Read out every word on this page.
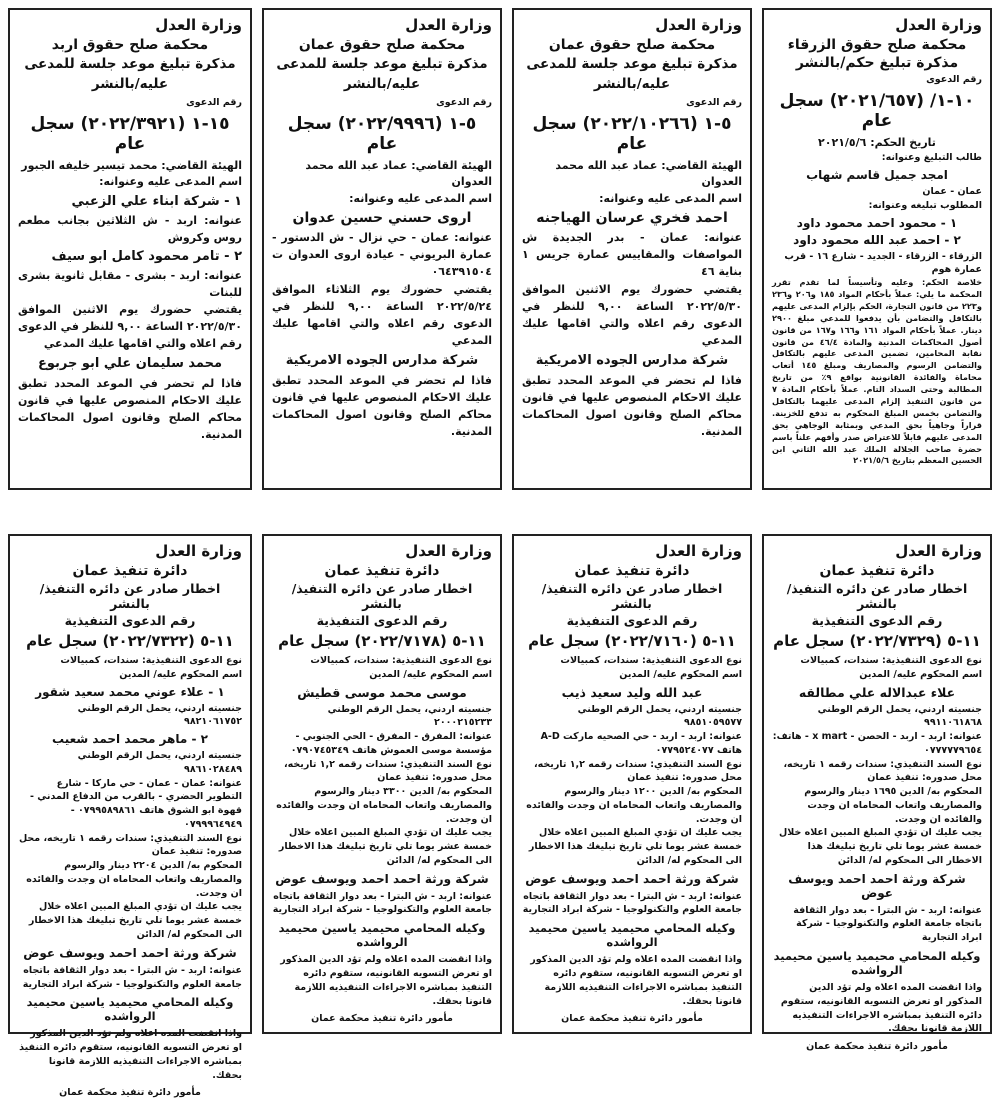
وزارة العدل
محكمة صلح حقوق الزرقاء
مذكرة تبليغ حكم/بالنشر
رقم الدعوى
١٠-١/ (٢٠٢١/٦٥٧) سجل عام
تاريخ الحكم: ٢٠٢١/٥/٦
طالب التبليغ وعنوانه:
امجد جميل قاسم شهاب
عمان - عمان
المطلوب تبليغه وعنوانه:
١ - محمود احمد محمود داود
٢ - احمد عبد الله محمود داود
الزرقاء - الزرقاء - الجديد - شارع ١٦ - قرب عمارة هوم
خلاصة الحكم: وعليه وتأسيساً لما تقدم تقرر المحكمة ما يلي: عملاً بأحكام المواد ١٨٥ و٢٠٦ و٢٣٦ و٢٢٣ من قانون التجارة، الحكم بإلزام المدعى عليهم بالتكافل والتضامن بأن يدفعوا للمدعي مبلغ ٢٩٠٠ دينار. عملاً بأحكام المواد ١٦١ و١٦٦ و١٦٧ من قانون أصول المحاكمات المدنية والمادة ٤٦/٤ من قانون نقابة المحامين، تضمين المدعى عليهم بالتكافل والتضامن الرسوم والمصاريف ومبلغ ١٤٥ أتعاب محاماة والفائدة القانونية بواقع ٩٪ من تاريخ المطالبة وحتى السداد التام. عملاً بأحكام المادة ٧ من قانون التنفيذ إلزام المدعى عليهما بالتكافل والتضامن بخمس المبلغ المحكوم به تدفع للخزينة. قراراً وجاهياً بحق المدعي وبمثابة الوجاهي بحق المدعى عليهم قابلاً للاعتراض صدر وأفهم علناً باسم حضرة صاحب الجلالة الملك عبد الله الثاني ابن الحسين المعظم بتاريخ ٢٠٢١/٥/٦
وزارة العدل
محكمة صلح حقوق عمان
مذكرة تبليغ موعد جلسة للمدعى عليه/بالنشر
رقم الدعوى
٥-١ (٢٠٢٢/١٠٢٦٦) سجل عام
الهيئة القاضي: عماد عبد الله محمد العدوان
اسم المدعى عليه وعنوانه:
احمد فخري عرسان الهياجنه
عنوانه: عمان - بدر الجديدة ش المواصفات والمقاييس عمارة جريس ١ بناية ٤٦
يقتضي حضورك يوم الاثنين الموافق ٢٠٢٢/٥/٣٠ الساعة ٩,٠٠ للنظر في الدعوى رقم اعلاه والتي اقامها عليك المدعي
شركة مدارس الجوده الامريكية
فاذا لم تحضر في الموعد المحدد تطبق عليك الاحكام المنصوص عليها في قانون محاكم الصلح وقانون اصول المحاكمات المدنية.
وزارة العدل
محكمة صلح حقوق عمان
مذكرة تبليغ موعد جلسة للمدعى عليه/بالنشر
رقم الدعوى
٥-١ (٢٠٢٢/٩٩٩٦) سجل عام
الهيئة القاضي: عماد عبد الله محمد العدوان
اسم المدعى عليه وعنوانه:
اروى حسني حسين عدوان
عنوانه: عمان - حي نزال - ش الدستور - عمارة البريوني - عيادة اروى العدوان ت ٠٦٤٣٩١٥٠٤
يقتضي حضورك يوم الثلاثاء الموافق ٢٠٢٢/٥/٢٤ الساعة ٩,٠٠ للنظر في الدعوى رقم اعلاه والتي اقامها عليك المدعي
شركة مدارس الجوده الامريكية
فاذا لم تحضر في الموعد المحدد تطبق عليك الاحكام المنصوص عليها في قانون محاكم الصلح وقانون اصول المحاكمات المدنية.
وزارة العدل
محكمة صلح حقوق اربد
مذكرة تبليغ موعد جلسة للمدعى عليه/بالنشر
رقم الدعوى
١٥-١ (٢٠٢٢/٣٩٢١) سجل عام
الهيئة القاضي: محمد تيسير خليفه الجبور
اسم المدعى عليه وعنوانه:
١ - شركة ابناء علي الزعبي
عنوانه: اربد - ش الثلاثين بجانب مطعم روس وكروش
٢ - تامر محمود كامل ابو سيف
عنوانه: اربد - بشرى - مقابل ثانوية بشرى للبنات
يقتضي حضورك يوم الاثنين الموافق ٢٠٢٢/٥/٣٠ الساعة ٩,٠٠ للنظر في الدعوى رقم اعلاه والتي اقامها عليك المدعي
محمد سليمان علي ابو جربوع
فاذا لم تحضر في الموعد المحدد تطبق عليك الاحكام المنصوص عليها في قانون محاكم الصلح وقانون اصول المحاكمات المدنية.
وزارة العدل
دائرة تنفيذ عمان
اخطار صادر عن دائره التنفيذ/ بالنشر
رقم الدعوى التنفيذية
١١-٥ (٢٠٢٢/٧٣٢٩) سجل عام
نوع الدعوى التنفيذية: سندات، كمبيالات
اسم المحكوم عليه/ المدين
علاء عبدالاله علي مطالقه
جنسيته اردني، يحمل الرقم الوطني ٩٩١١٠٦١٨٦٨
عنوانه: اربد - اربد - الحصن - x mart - هاتف: ٠٧٧٧٧٧٩٦٥٤
نوع السند التنفيذي: سندات رقمه ١ تاريخه، محل صدوره: تنفيذ عمان
المحكوم به/ الدين ١٦٩٥ دينار والرسوم والمصاريف واتعاب المحاماه ان وجدت والفائده ان وجدت.
يجب عليك ان تؤدي المبلغ المبين اعلاه خلال خمسة عشر يوما تلي تاريخ تبليغك هذا الاخطار الى المحكوم له/ الدائن
شركة ورثة احمد احمد ويوسف عوض
عنوانه: اربد - ش البترا - بعد دوار الثقافة باتجاه جامعة العلوم والتكنولوجيا - شركة ابراد التجارية
وكيله المحامي محيميد ياسين محيميد الرواشده
واذا انقضت المده اعلاه ولم تؤد الدين المذكور او تعرض التسويه القانونيه، ستقوم دائره التنفيذ بمباشره الاجراءات التنفيذيه اللازمة قانونا بحقك.
مأمور دائرة تنفيذ محكمة عمان
وزارة العدل
دائرة تنفيذ عمان
اخطار صادر عن دائره التنفيذ/ بالنشر
رقم الدعوى التنفيذية
١١-٥ (٢٠٢٢/٧١٦٠) سجل عام
نوع الدعوى التنفيذية: سندات، كمبيالات
اسم المحكوم عليه/ المدين
عبد الله وليد سعيد ذيب
جنسيته اردني، يحمل الرقم الوطني ٩٨٥١٠٥٩٥٧٧
عنوانه: اربد - اربد - حي الصحيه ماركت A-D هاتف ٠٧٧٩٥٢٤٠٧٧
نوع السند التنفيذي: سندات رقمه ١,٢ تاريخه، محل صدوره: تنفيذ عمان
المحكوم به/ الدين ١٢٠٠ دينار والرسوم والمصاريف واتعاب المحاماه ان وجدت والفائده ان وجدت.
يجب عليك ان تؤدي المبلغ المبين اعلاه خلال خمسة عشر يوما تلي تاريخ تبليغك هذا الاخطار الى المحكوم له/ الدائن
شركة ورثة احمد احمد ويوسف عوض
عنوانه: اربد - ش البترا - بعد دوار الثقافة باتجاه جامعة العلوم والتكنولوجيا - شركة ابراد التجارية
وكيله المحامي محيميد ياسين محيميد الرواشده
واذا انقضت المده اعلاه ولم تؤد الدين المذكور او تعرض التسويه القانونيه، ستقوم دائره التنفيذ بمباشره الاجراءات التنفيذيه اللازمة قانونا بحقك.
مأمور دائرة تنفيذ محكمة عمان
وزارة العدل
دائرة تنفيذ عمان
اخطار صادر عن دائره التنفيذ/ بالنشر
رقم الدعوى التنفيذية
١١-٥ (٢٠٢٢/٧١٧٨) سجل عام
نوع الدعوى التنفيذية: سندات، كمبيالات
اسم المحكوم عليه/ المدين
موسى محمد موسى قطيش
جنسيته اردني، يحمل الرقم الوطني ٢٠٠٠٢١٥٢٣٣
عنوانه: المفرق - المفرق - الحي الجنوبي - مؤسسة موسى العموش هاتف ٠٧٩٠٧٤٥٣٤٩
نوع السند التنفيذي: سندات رقمه ١,٢ تاريخه، محل صدوره: تنفيذ عمان
المحكوم به/ الدين ٣٣٠٠ دينار والرسوم والمصاريف واتعاب المحاماه ان وجدت والفائده ان وجدت.
يجب عليك ان تؤدي المبلغ المبين اعلاه خلال خمسة عشر يوما تلي تاريخ تبليغك هذا الاخطار الى المحكوم له/ الدائن
شركة ورثة احمد احمد ويوسف عوض
عنوانه: اربد - ش البترا - بعد دوار الثقافة باتجاه جامعة العلوم والتكنولوجيا - شركة ابراد التجارية
وكيله المحامي محيميد ياسين محيميد الرواشده
واذا انقضت المده اعلاه ولم تؤد الدين المذكور او تعرض التسويه القانونيه، ستقوم دائره التنفيذ بمباشره الاجراءات التنفيذيه اللازمة قانونا بحقك.
مأمور دائرة تنفيذ محكمة عمان
وزارة العدل
دائرة تنفيذ عمان
اخطار صادر عن دائره التنفيذ/ بالنشر
رقم الدعوى التنفيذية
١١-٥ (٢٠٢٢/٧٣٢٢) سجل عام
نوع الدعوى التنفيذية: سندات، كمبيالات
اسم المحكوم عليه/ المدين
١ - علاء عوني محمد سعيد شقور
جنسيته اردني، يحمل الرقم الوطني ٩٨٢١٠٦١٧٥٢
٢ - ماهر محمد احمد شعيب
جنسيته اردني، يحمل الرقم الوطني ٩٨٦١٠٢٨٤٨٩
عنوانه: عمان - عمان - حي ماركا - شارع التطوير الحضري - بالقرب من الدفاع المدني - قهوة ابو الشوق هاتف ٠٧٩٩٥٨٩٨٦١ - ٠٧٩٩٩٦٤٩٤٩
نوع السند التنفيذي: سندات رقمه ١ تاريخه، محل صدوره: تنفيذ عمان
المحكوم به/ الدين ٢٢٠٤ دينار والرسوم والمصاريف واتعاب المحاماه ان وجدت والفائده ان وجدت.
يجب عليك ان تؤدي المبلغ المبين اعلاه خلال خمسة عشر يوما تلي تاريخ تبليغك هذا الاخطار الى المحكوم له/ الدائن
شركة ورثة احمد احمد ويوسف عوض
عنوانه: اربد - ش البترا - بعد دوار الثقافة باتجاه جامعة العلوم والتكنولوجيا - شركة ابراد التجارية
وكيله المحامي محيميد ياسين محيميد الرواشده
واذا انقضت المده اعلاه ولم تؤد الدين المذكور او تعرض التسويه القانونيه، ستقوم دائره التنفيذ بمباشره الاجراءات التنفيذيه اللازمة قانونا بحقك.
مأمور دائرة تنفيذ محكمة عمان
